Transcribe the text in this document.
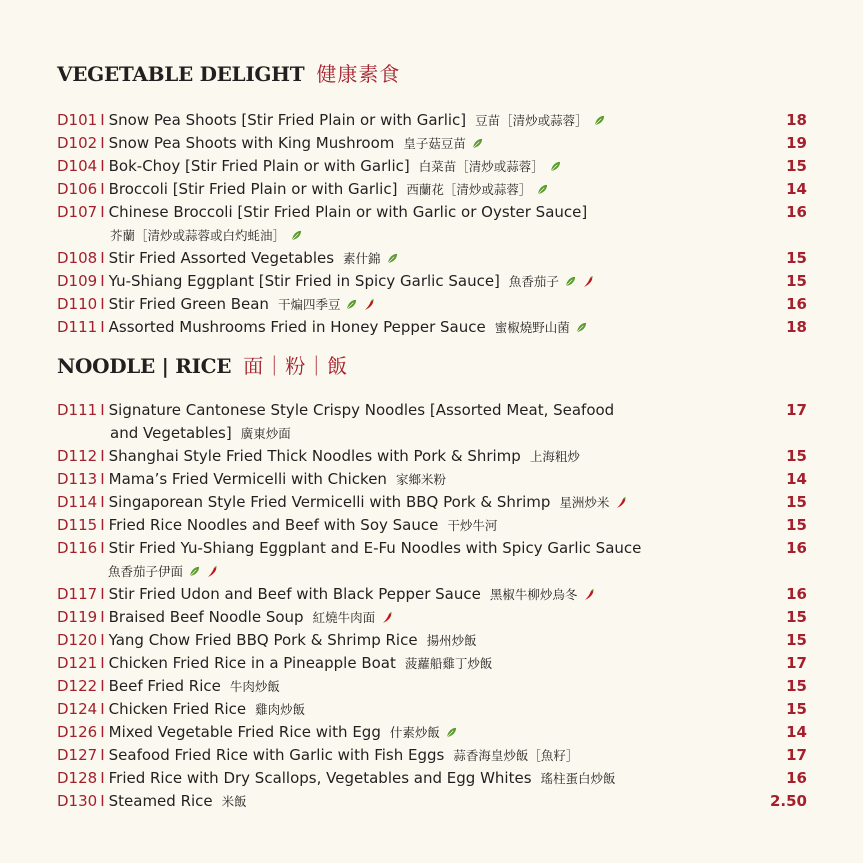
VEGETABLE DELIGHT 健康素食
D101 I Snow Pea Shoots [Stir Fried Plain or with Garlic] 豆苗［清炒或蒜蓉］	18
D102 I Snow Pea Shoots with King Mushroom 皇子菇豆苗	19
D104 I Bok-Choy [Stir Fried Plain or with Garlic] 白菜苗［清炒或蒜蓉］	15
D106 I Broccoli [Stir Fried Plain or with Garlic] 西蘭花［清炒或蒜蓉］	14
D107 I Chinese Broccoli [Stir Fried Plain or with Garlic or Oyster Sauce]	16
芥蘭［清炒或蒜蓉或白灼蚝油］
D108 I Stir Fried Assorted Vegetables 素什錦	15
D109 I Yu-Shiang Eggplant [Stir Fried in Spicy Garlic Sauce] 魚香茄子	15
D110 I Stir Fried Green Bean 干煸四季豆	16
D111 I Assorted Mushrooms Fried in Honey Pepper Sauce 蜜椒燒野山菌	18
NOODLE | RICE 面｜粉｜飯
D111 I Signature Cantonese Style Crispy Noodles [Assorted Meat, Seafood	17
and Vegetables] 廣東炒面
D112 I Shanghai Style Fried Thick Noodles with Pork & Shrimp 上海粗炒	15
D113 I Mama’s Fried Vermicelli with Chicken 家鄉米粉	14
D114 I Singaporean Style Fried Vermicelli with BBQ Pork & Shrimp 星洲炒米	15
D115 I Fried Rice Noodles and Beef with Soy Sauce 干炒牛河	15
D116 I Stir Fried Yu-Shiang Eggplant and E-Fu Noodles with Spicy Garlic Sauce	16
魚香茄子伊面
D117 I Stir Fried Udon and Beef with Black Pepper Sauce 黑椒牛柳炒烏冬	16
D119 I Braised Beef Noodle Soup 紅燒牛肉面	15
D120 I Yang Chow Fried BBQ Pork & Shrimp Rice 揚州炒飯	15
D121 I Chicken Fried Rice in a Pineapple Boat 菠蘿船雞丁炒飯	17
D122 I Beef Fried Rice 牛肉炒飯	15
D124 I Chicken Fried Rice 雞肉炒飯	15
D126 I Mixed Vegetable Fried Rice with Egg 什素炒飯	14
D127 I Seafood Fried Rice with Garlic with Fish Eggs 蒜香海皇炒飯［魚籽］	17
D128 I Fried Rice with Dry Scallops, Vegetables and Egg Whites 瑤柱蛋白炒飯	16
D130 I Steamed Rice 米飯	2.50
